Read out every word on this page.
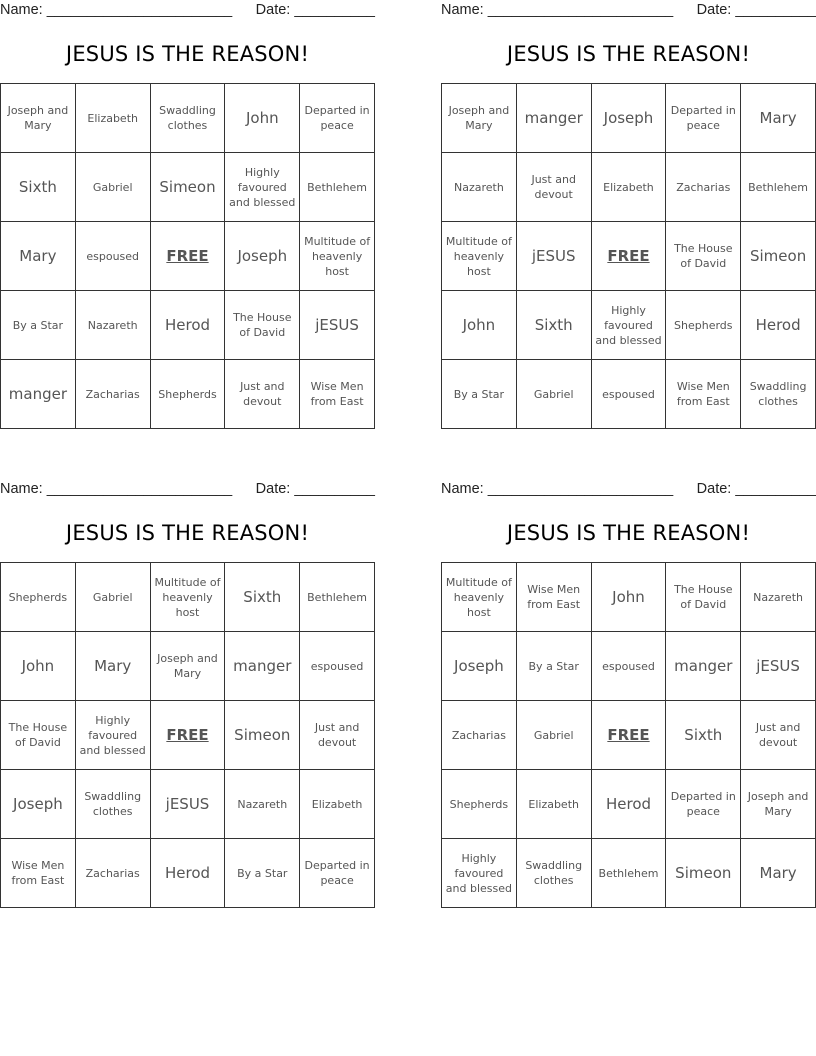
Name: _______________________ Date: __________
JESUS IS THE REASON!
Joseph and Mary	Elizabeth	Swaddling clothes	John	Departed in peace
Sixth	Gabriel	Simeon	Highly favoured and blessed	Bethlehem
Mary	espoused	FREE	Joseph	Multitude of heavenly host
By a Star	Nazareth	Herod	The House of David	jESUS
manger	Zacharias	Shepherds	Just and devout	Wise Men from East
Name: _______________________ Date: __________
JESUS IS THE REASON!
Joseph and Mary	manger	Joseph	Departed in peace	Mary
Nazareth	Just and devout	Elizabeth	Zacharias	Bethlehem
Multitude of heavenly host	jESUS	FREE	The House of David	Simeon
John	Sixth	Highly favoured and blessed	Shepherds	Herod
By a Star	Gabriel	espoused	Wise Men from East	Swaddling clothes
Name: _______________________ Date: __________
JESUS IS THE REASON!
Shepherds	Gabriel	Multitude of heavenly host	Sixth	Bethlehem
John	Mary	Joseph and Mary	manger	espoused
The House of David	Highly favoured and blessed	FREE	Simeon	Just and devout
Joseph	Swaddling clothes	jESUS	Nazareth	Elizabeth
Wise Men from East	Zacharias	Herod	By a Star	Departed in peace
Name: _______________________ Date: __________
JESUS IS THE REASON!
Multitude of heavenly host	Wise Men from East	John	The House of David	Nazareth
Joseph	By a Star	espoused	manger	jESUS
Zacharias	Gabriel	FREE	Sixth	Just and devout
Shepherds	Elizabeth	Herod	Departed in peace	Joseph and Mary
Highly favoured and blessed	Swaddling clothes	Bethlehem	Simeon	Mary
